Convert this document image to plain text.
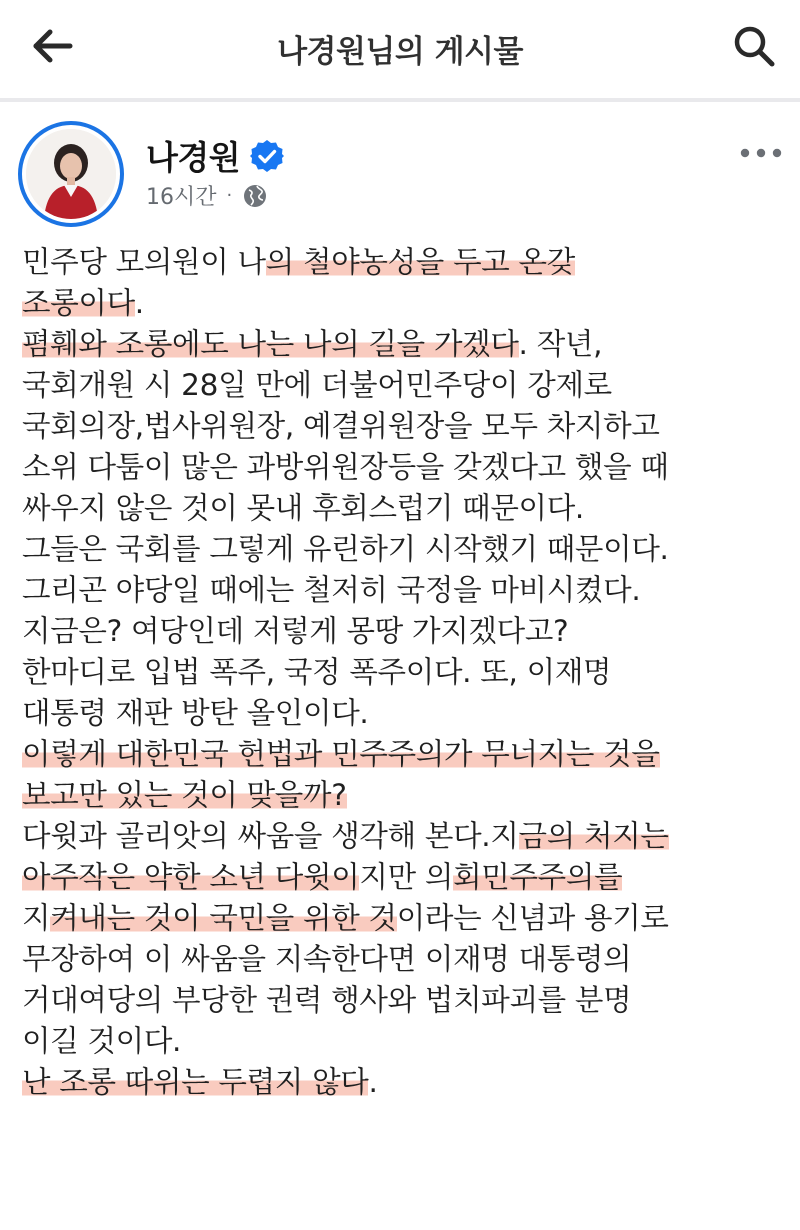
나경원님의 게시물
나경원
16시간 ·
민주당 모의원이 나의 철야농성을 두고 온갖
조롱이다.
폄훼와 조롱에도 나는 나의 길을 가겠다. 작년,
국회개원 시 28일 만에 더불어민주당이 강제로
국회의장,법사위원장, 예결위원장을 모두 차지하고
소위 다툼이 많은 과방위원장등을 갖겠다고 했을 때
싸우지 않은 것이 못내 후회스럽기 때문이다.
그들은 국회를 그렇게 유린하기 시작했기 때문이다.
그리곤 야당일 때에는 철저히 국정을 마비시켰다.
지금은? 여당인데 저렇게 몽땅 가지겠다고?
한마디로 입법 폭주, 국정 폭주이다. 또, 이재명
대통령 재판 방탄 올인이다.
이렇게 대한민국 헌법과 민주주의가 무너지는 것을
보고만 있는 것이 맞을까?
다윗과 골리앗의 싸움을 생각해 본다.지금의 처지는
아주작은 약한 소년 다윗이지만 의회민주주의를
지켜내는 것이 국민을 위한 것이라는 신념과 용기로
무장하여 이 싸움을 지속한다면 이재명 대통령의
거대여당의 부당한 권력 행사와 법치파괴를 분명
이길 것이다.
난 조롱 따위는 두렵지 않다.
